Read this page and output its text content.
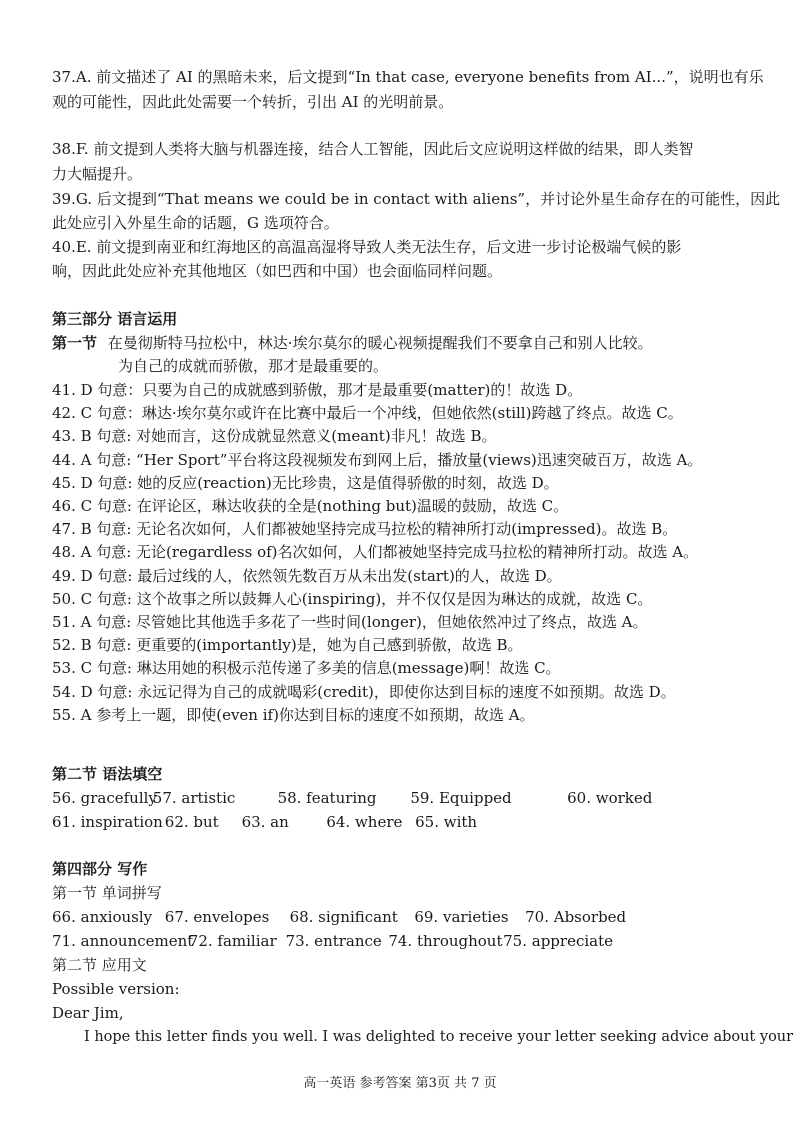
37.A. 前文描述了 AI 的黑暗未来，后文提到“In that case, everyone benefits from AI...”，说明也有乐
观的可能性，因此此处需要一个转折，引出 AI 的光明前景。
38.F. 前文提到人类将大脑与机器连接，结合人工智能，因此后文应说明这样做的结果，即人类智
力大幅提升。
39.G. 后文提到“That means we could be in contact with aliens”，并讨论外星生命存在的可能性，因此
此处应引入外星生命的话题，G 选项符合。
40.E. 前文提到南亚和红海地区的高温高湿将导致人类无法生存，后文进一步讨论极端气候的影
响，因此此处应补充其他地区（如巴西和中国）也会面临同样问题。
第三部分 语言运用
第一节 在曼彻斯特马拉松中，林达·埃尔莫尔的暖心视频提醒我们不要拿自己和别人比较。
为自己的成就而骄傲，那才是最重要的。
41. D 句意：只要为自己的成就感到骄傲，那才是最重要(matter)的！故选 D。
42. C 句意：琳达·埃尔莫尔或许在比赛中最后一个冲线，但她依然(still)跨越了终点。故选 C。
43. B 句意: 对她而言，这份成就显然意义(meant)非凡！故选 B。
44. A 句意: “Her Sport”平台将这段视频发布到网上后，播放量(views)迅速突破百万，故选 A。
45. D 句意: 她的反应(reaction)无比珍贵，这是值得骄傲的时刻，故选 D。
46. C 句意: 在评论区，琳达收获的全是(nothing but)温暖的鼓励，故选 C。
47. B 句意: 无论名次如何，人们都被她坚持完成马拉松的精神所打动(impressed)。故选 B。
48. A 句意: 无论(regardless of)名次如何，人们都被她坚持完成马拉松的精神所打动。故选 A。
49. D 句意: 最后过线的人，依然领先数百万从未出发(start)的人，故选 D。
50. C 句意: 这个故事之所以鼓舞人心(inspiring)，并不仅仅是因为琳达的成就，故选 C。
51. A 句意: 尽管她比其他选手多花了一些时间(longer)，但她依然冲过了终点，故选 A。
52. B 句意: 更重要的(importantly)是，她为自己感到骄傲，故选 B。
53. C 句意: 琳达用她的积极示范传递了多美的信息(message)啊！故选 C。
54. D 句意: 永远记得为自己的成就喝彩(credit)，即使你达到目标的速度不如预期。故选 D。
55. A 参考上一题，即使(even if)你达到目标的速度不如预期，故选 A。
第二节 语法填空
56. gracefully 57. artistic	58. featuring 59. Equipped	60. worked
61. inspiration 62. but 63. an	64. where 65. with
第四部分 写作
第一节 单词拼写
66. anxiously 67. envelopes 68. significant 69. varieties 70. Absorbed
71. announcement 72. familiar 73. entrance 74. throughout 75. appreciate
第二节 应用文
Possible version:
Dear Jim,
I hope this letter finds you well. I was delighted to receive your letter seeking advice about your
高一英语 参考答案 第3页 共 7 页
